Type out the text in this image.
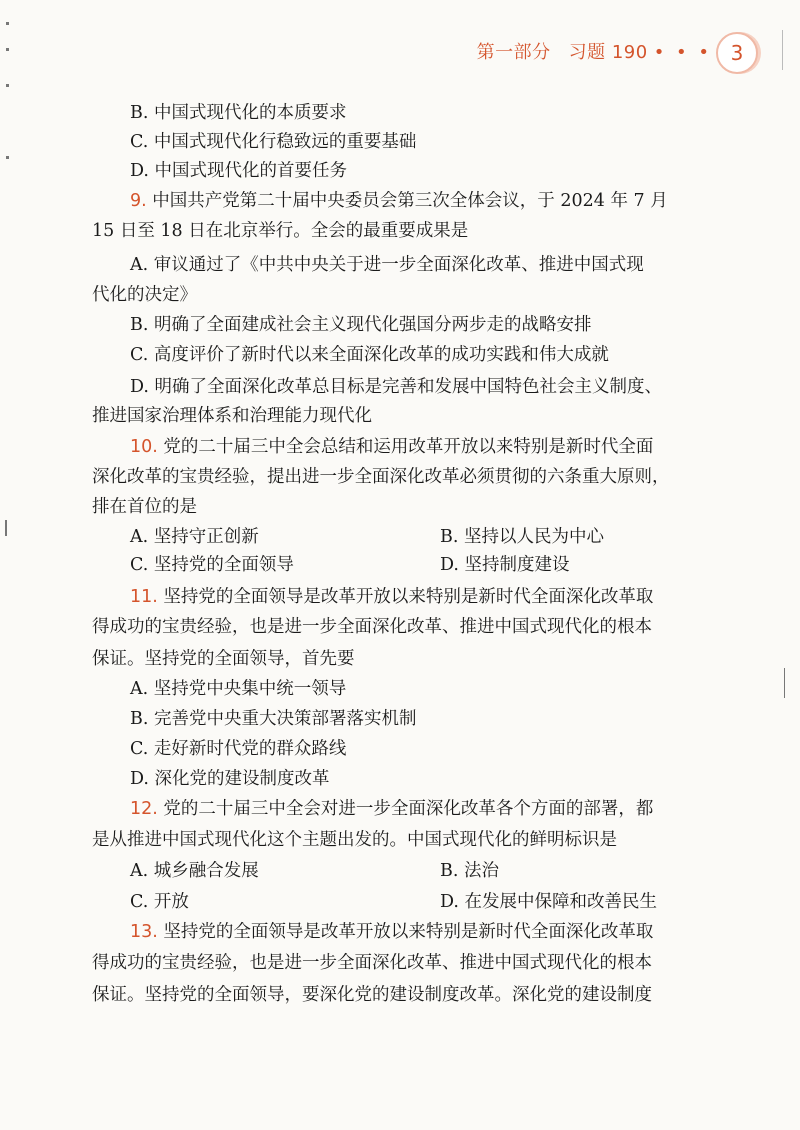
第一部分 习题 190 • • • 3
B. 中国式现代化的本质要求
C. 中国式现代化行稳致远的重要基础
D. 中国式现代化的首要任务
9. 中国共产党第二十届中央委员会第三次全体会议，于 2024 年 7 月
15 日至 18 日在北京举行。全会的最重要成果是
A. 审议通过了《中共中央关于进一步全面深化改革、推进中国式现
代化的决定》
B. 明确了全面建成社会主义现代化强国分两步走的战略安排
C. 高度评价了新时代以来全面深化改革的成功实践和伟大成就
D. 明确了全面深化改革总目标是完善和发展中国特色社会主义制度、
推进国家治理体系和治理能力现代化
10. 党的二十届三中全会总结和运用改革开放以来特别是新时代全面
深化改革的宝贵经验，提出进一步全面深化改革必须贯彻的六条重大原则，
排在首位的是
A. 坚持守正创新	B. 坚持以人民为中心
C. 坚持党的全面领导	D. 坚持制度建设
11. 坚持党的全面领导是改革开放以来特别是新时代全面深化改革取
得成功的宝贵经验，也是进一步全面深化改革、推进中国式现代化的根本
保证。坚持党的全面领导，首先要
A. 坚持党中央集中统一领导
B. 完善党中央重大决策部署落实机制
C. 走好新时代党的群众路线
D. 深化党的建设制度改革
12. 党的二十届三中全会对进一步全面深化改革各个方面的部署，都
是从推进中国式现代化这个主题出发的。中国式现代化的鲜明标识是
A. 城乡融合发展	B. 法治
C. 开放	D. 在发展中保障和改善民生
13. 坚持党的全面领导是改革开放以来特别是新时代全面深化改革取
得成功的宝贵经验，也是进一步全面深化改革、推进中国式现代化的根本
保证。坚持党的全面领导，要深化党的建设制度改革。深化党的建设制度
